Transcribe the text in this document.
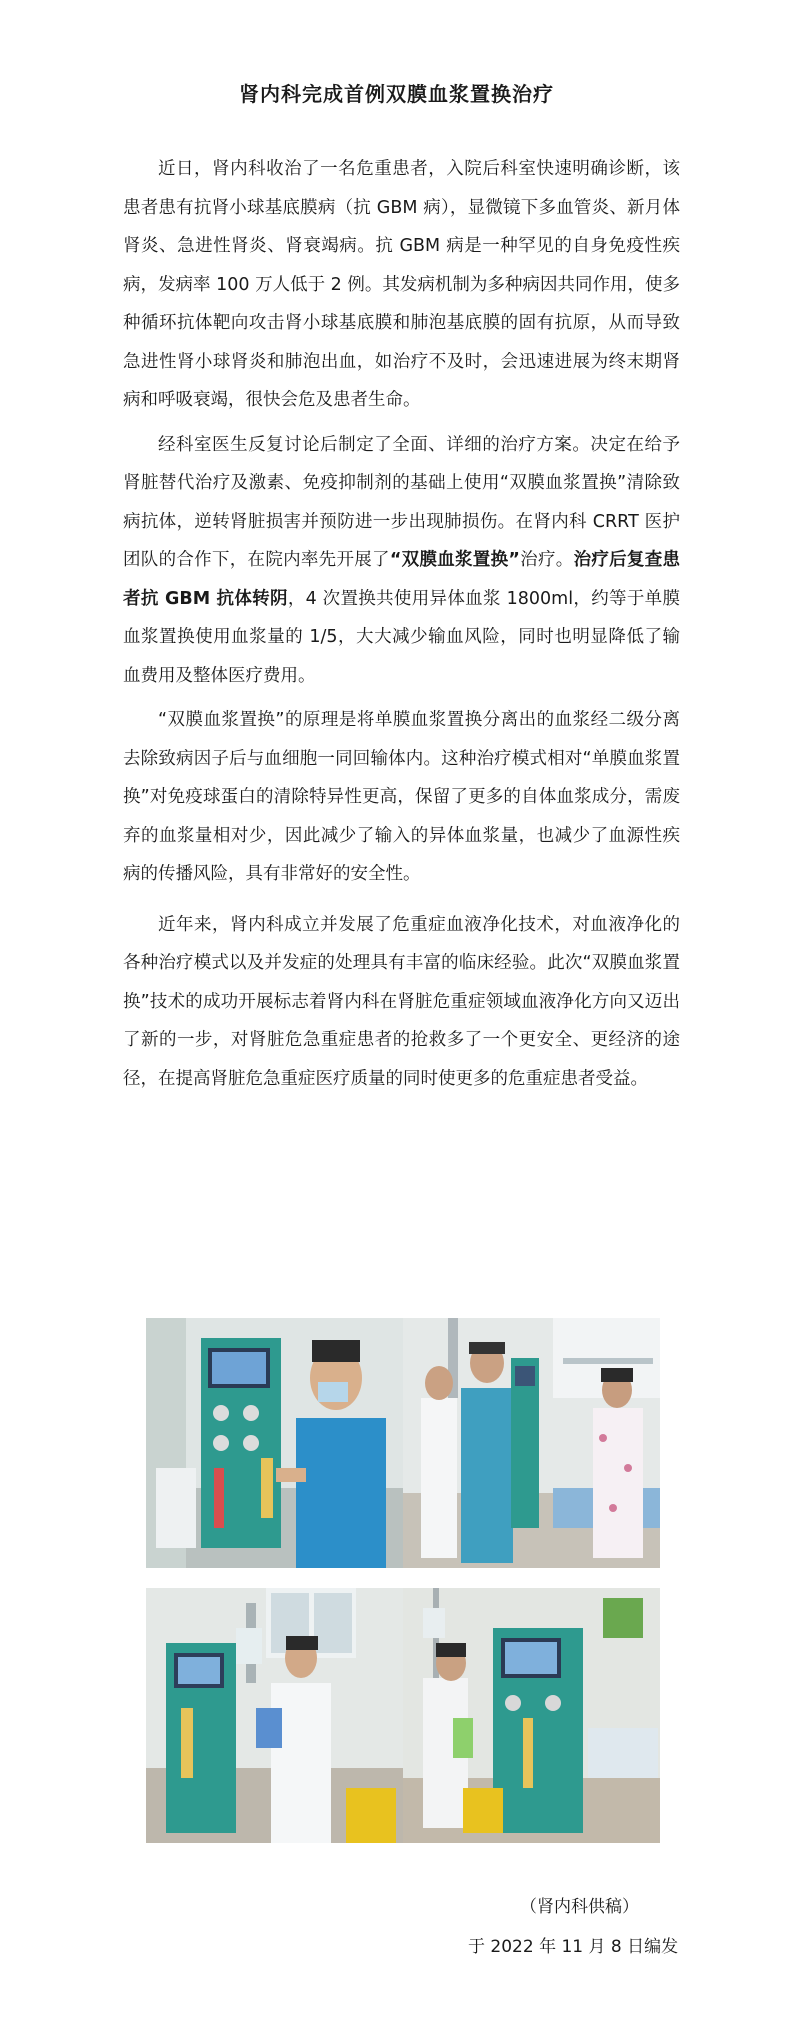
肾内科完成首例双膜血浆置换治疗

近日，肾内科收治了一名危重患者，入院后科室快速明确诊断，该患者患有抗肾小球基底膜病（抗 GBM 病），显微镜下多血管炎、新月体肾炎、急进性肾炎、肾衰竭病。抗 GBM 病是一种罕见的自身免疫性疾病，发病率 100 万人低于 2 例。其发病机制为多种病因共同作用，使多种循环抗体靶向攻击肾小球基底膜和肺泡基底膜的固有抗原，从而导致急进性肾小球肾炎和肺泡出血，如治疗不及时，会迅速进展为终末期肾病和呼吸衰竭，很快会危及患者生命。

经科室医生反复讨论后制定了全面、详细的治疗方案。决定在给予肾脏替代治疗及激素、免疫抑制剂的基础上使用“双膜血浆置换”清除致病抗体，逆转肾脏损害并预防进一步出现肺损伤。在肾内科 CRRT 医护团队的合作下，在院内率先开展了“双膜血浆置换”治疗。治疗后复查患者抗 GBM 抗体转阴，4 次置换共使用异体血浆 1800ml，约等于单膜血浆置换使用血浆量的 1/5，大大减少输血风险，同时也明显降低了输血费用及整体医疗费用。

“双膜血浆置换”的原理是将单膜血浆置换分离出的血浆经二级分离去除致病因子后与血细胞一同回输体内。这种治疗模式相对“单膜血浆置换”对免疫球蛋白的清除特异性更高，保留了更多的自体血浆成分，需废弃的血浆量相对少，因此减少了输入的异体血浆量，也减少了血源性疾病的传播风险，具有非常好的安全性。

近年来，肾内科成立并发展了危重症血液净化技术，对血液净化的各种治疗模式以及并发症的处理具有丰富的临床经验。此次“双膜血浆置换”技术的成功开展标志着肾内科在肾脏危重症领域血液净化方向又迈出了新的一步，对肾脏危急重症患者的抢救多了一个更安全、更经济的途径，在提高肾脏危急重症医疗质量的同时使更多的危重症患者受益。

（肾内科供稿）
于 2022 年 11 月 8 日编发
